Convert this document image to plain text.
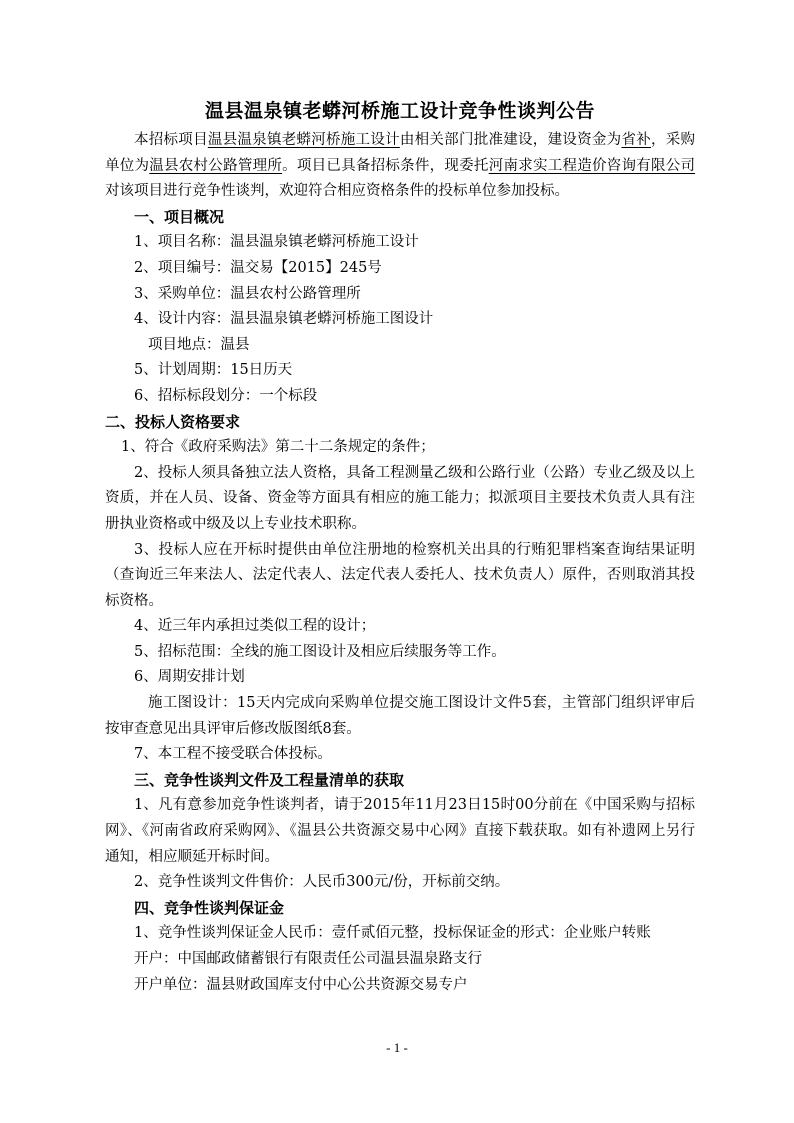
温县温泉镇老蟒河桥施工设计竞争性谈判公告

本招标项目温县温泉镇老蟒河桥施工设计由相关部门批准建设，建设资金为省补，采购单位为温县农村公路管理所。项目已具备招标条件，现委托河南求实工程造价咨询有限公司对该项目进行竞争性谈判，欢迎符合相应资格条件的投标单位参加投标。

一、项目概况

1、项目名称：温县温泉镇老蟒河桥施工设计

2、项目编号：温交易【2015】245号

3、采购单位：温县农村公路管理所

4、设计内容：温县温泉镇老蟒河桥施工图设计

项目地点：温县

5、计划周期：15日历天

6、招标标段划分：一个标段

二、投标人资格要求

1、符合《政府采购法》第二十二条规定的条件；

2、投标人须具备独立法人资格，具备工程测量乙级和公路行业（公路）专业乙级及以上资质，并在人员、设备、资金等方面具有相应的施工能力；拟派项目主要技术负责人具有注册执业资格或中级及以上专业技术职称。

3、投标人应在开标时提供由单位注册地的检察机关出具的行贿犯罪档案查询结果证明（查询近三年来法人、法定代表人、法定代表人委托人、技术负责人）原件，否则取消其投标资格。

4、近三年内承担过类似工程的设计；

5、招标范围：全线的施工图设计及相应后续服务等工作。

6、周期安排计划

施工图设计：15天内完成向采购单位提交施工图设计文件5套，主管部门组织评审后按审查意见出具评审后修改版图纸8套。

7、本工程不接受联合体投标。

三、竞争性谈判文件及工程量清单的获取

1、凡有意参加竞争性谈判者，请于2015年11月23日15时00分前在《中国采购与招标网》、《河南省政府采购网》、《温县公共资源交易中心网》直接下载获取。如有补遗网上另行通知，相应顺延开标时间。

2、竞争性谈判文件售价：人民币300元/份，开标前交纳。

四、竞争性谈判保证金

1、竞争性谈判保证金人民币：壹仟贰佰元整，投标保证金的形式：企业账户转账

开户：中国邮政储蓄银行有限责任公司温县温泉路支行

开户单位：温县财政国库支付中心公共资源交易专户

- 1 -
